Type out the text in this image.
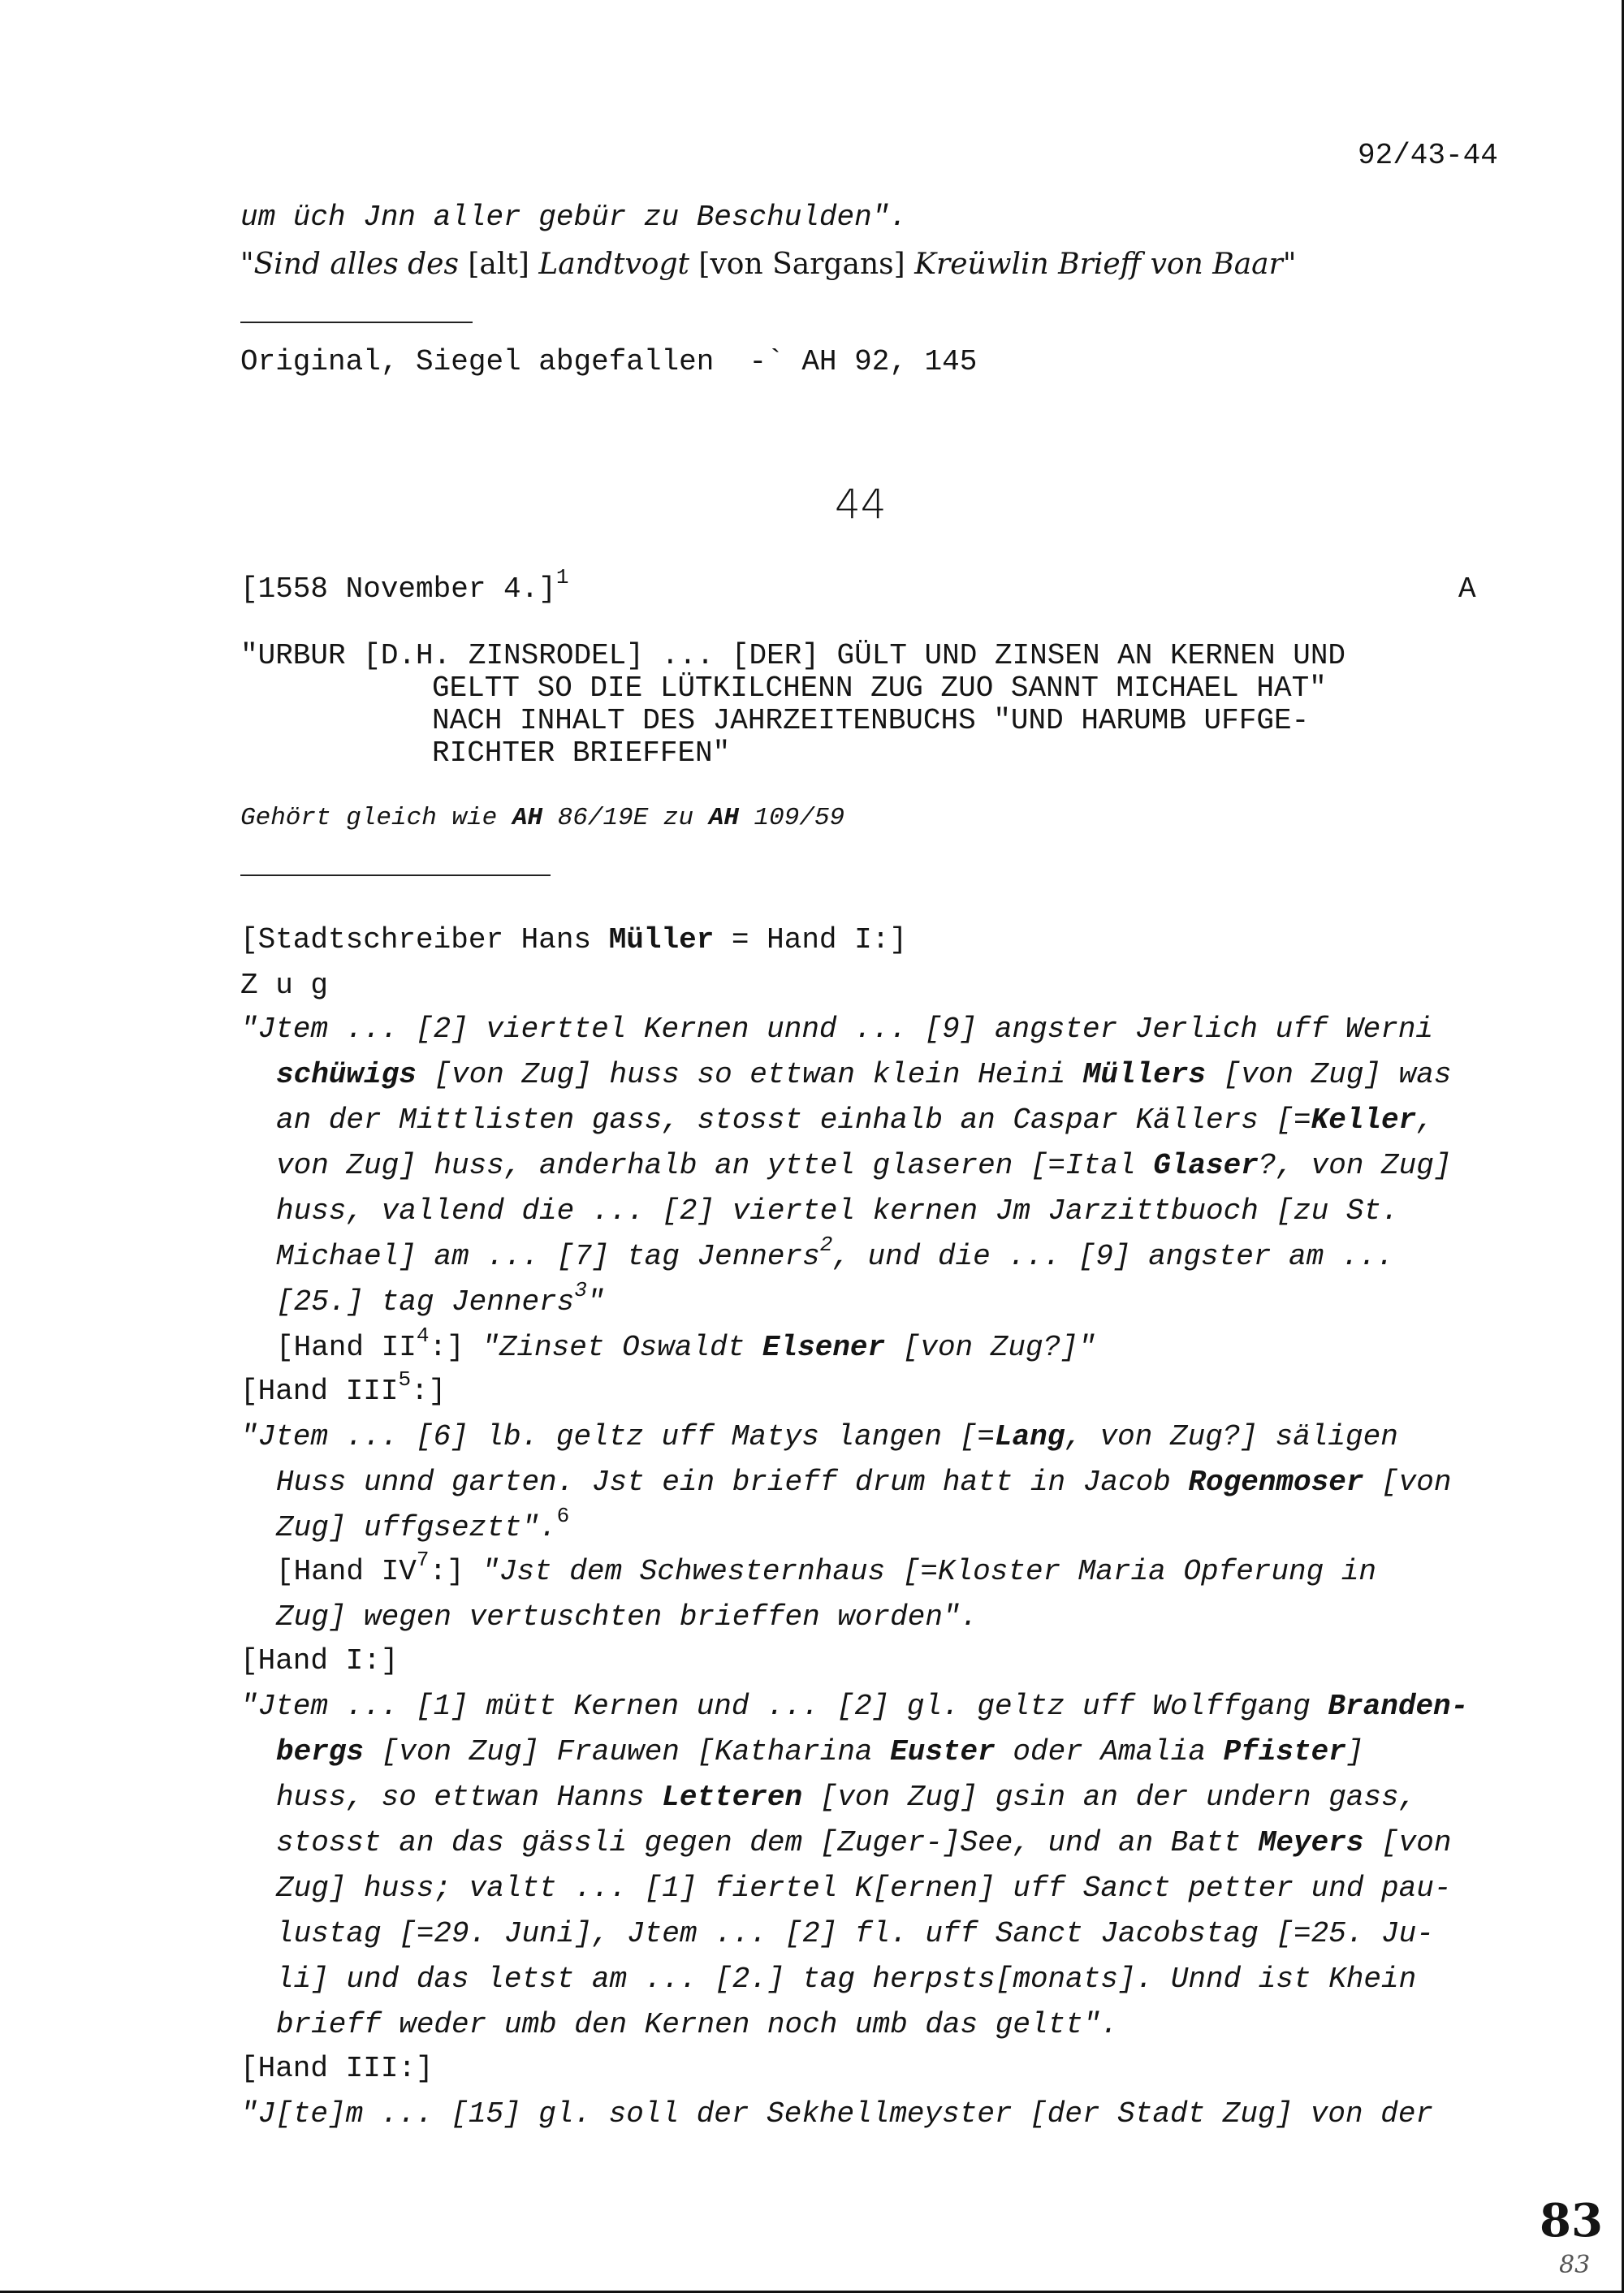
92/43-44
um üch Jnn aller gebür zu Beschulden".
"Sind alles des [alt] Landtvogt [von Sargans] Kreüwlin Brieff von Baar"
Original, Siegel abgefallen  -` AH 92, 145
44
[1558 November 4.]$^1$	A
"URBUR [D.H. ZINSRODEL] ... [DER] GÜLT UND ZINSEN AN KERNEN UND
GELTT SO DIE LÜTKILCHENN ZUG ZUO SANNT MICHAEL HAT"
NACH INHALT DES JAHRZEITENBUCHS "UND HARUMB UFFGE-
RICHTER BRIEFFEN"
Gehört gleich wie AH 86/19E zu AH 109/59
[Stadtschreiber Hans Müller = Hand I:]
Z u g
"Jtem ... [2] vierttel Kernen unnd ... [9] angster Jerlich uff Werni
schüwigs [von Zug] huss so ettwan klein Heini Müllers [von Zug] was
an der Mittlisten gass, stosst einhalb an Caspar Källers [=Keller,
von Zug] huss, anderhalb an yttel glaseren [=Ital Glaser?, von Zug]
huss, vallend die ... [2] viertel kernen Jm Jarzittbuoch [zu St.
Michael] am ... [7] tag Jenners$^2$, und die ... [9] angster am ...
[25.] tag Jenners$^3$"
[Hand $II^4$:] "Zinset Oswaldt Elsener [von Zug?]"
[Hand III$^5$:]
"Jtem ... [6] lb. geltz uff Matys langen [=Lang, von Zug?] säligen
Huss unnd garten. Jst ein brieff drum hatt in Jacob Rogenmoser [von
Zug] uffgseztt".$^6$
[Hand $IV^7$:] "Jst dem Schwesternhaus [=Kloster Maria Opferung in
Zug] wegen vertuschten brieffen worden".
[Hand I:]
"Jtem ... [1] mütt Kernen und ... [2] gl. geltz uff Wolffgang Branden-
bergs [von Zug] Frauwen [Katharina Euster oder Amalia Pfister]
huss, so ettwan Hanns Letteren [von Zug] gsin an der undern gass,
stosst an das gässli gegen dem [Zuger-]See, und an Batt Meyers [von
Zug] huss; valtt ... [1] fiertel K[ernen] uff Sanct petter und pau-
lustag [=29. Juni], Jtem ... [2] fl. uff Sanct Jacobstag [=25. Ju-
li] und das letst am ... [2.] tag herpsts[monats]. Unnd ist Khein
brieff weder umb den Kernen noch umb das geltt".
[Hand III:]
"J[te]m ... [15] gl. soll der Sekhellmeyster [der Stadt Zug] von der
83
83
